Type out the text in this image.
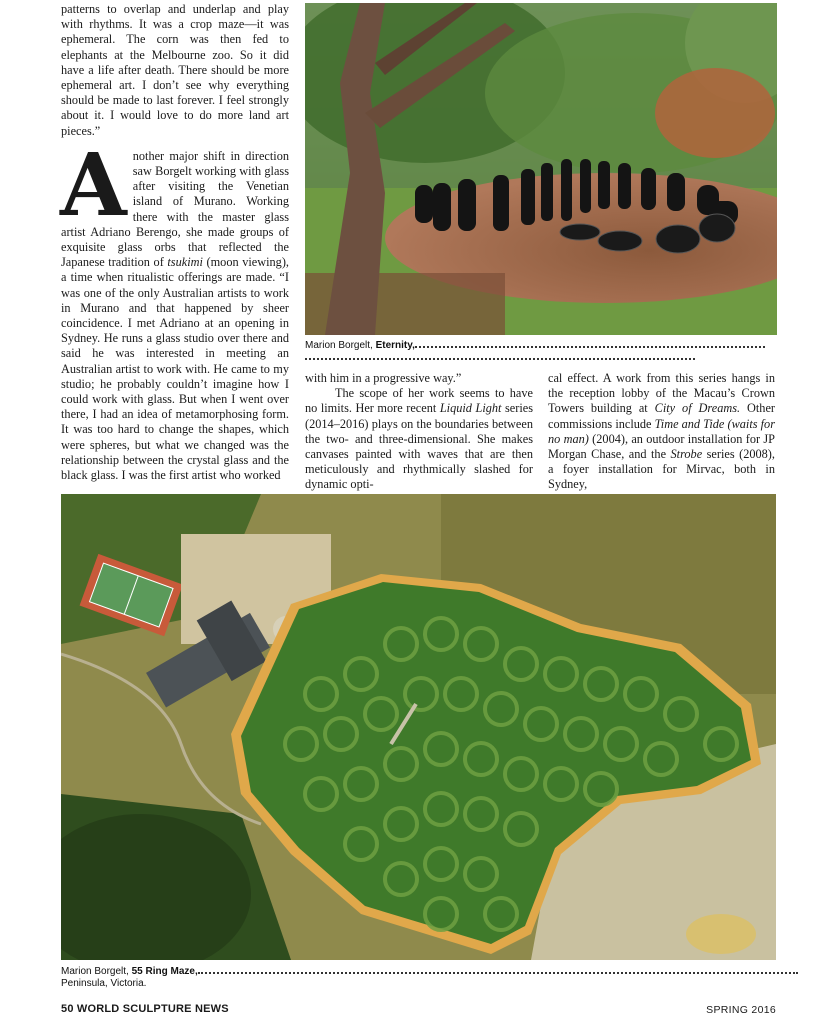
patterns to overlap and underlap and play with rhythms. It was a crop maze—it was ephemeral. The corn was then fed to elephants at the Melbourne zoo. So it did have a life after death. There should be more ephemeral art. I don’t see why everything should be made to last forever. I feel strongly about it. I would love to do more land art pieces.”

Another major shift in direction saw Borgelt working with glass after visiting the Venetian island of Murano. Working there with the master glass artist Adriano Berengo, she made groups of exquisite glass orbs that reflected the Japanese tradition of tsukimi (moon viewing), a time when ritualistic offerings are made. “I was one of the only Australian artists to work in Murano and that happened by sheer coincidence. I met Adriano at an opening in Sydney. He runs a glass studio over there and said he was interested in meeting an Australian artist to work with. He came to my studio; he probably couldn’t imagine how I could work with glass. But when I went over there, I had an idea of metamorphosing form. It was too hard to change the shapes, which were spheres, but what we changed was the relationship between the crystal glass and the black glass. I was the first artist who worked

Marion Borgelt, Eternity,

with him in a progressive way.”

The scope of her work seems to have no limits. Her more recent Liquid Light series (2014–2016) plays on the boundaries between the two- and three-dimensional. She makes canvases painted with waves that are then meticulously and rhythmically slashed for dynamic opti-

cal effect. A work from this series hangs in the reception lobby of the Macau’s Crown Towers building at City of Dreams. Other commissions include Time and Tide (waits for no man) (2004), an outdoor installation for JP Morgan Chase, and the Strobe series (2008), a foyer installation for Mirvac, both in Sydney,

Marion Borgelt, 55 Ring Maze,
Peninsula, Victoria.
50 WORLD SCULPTURE NEWS	SPRING 2016
